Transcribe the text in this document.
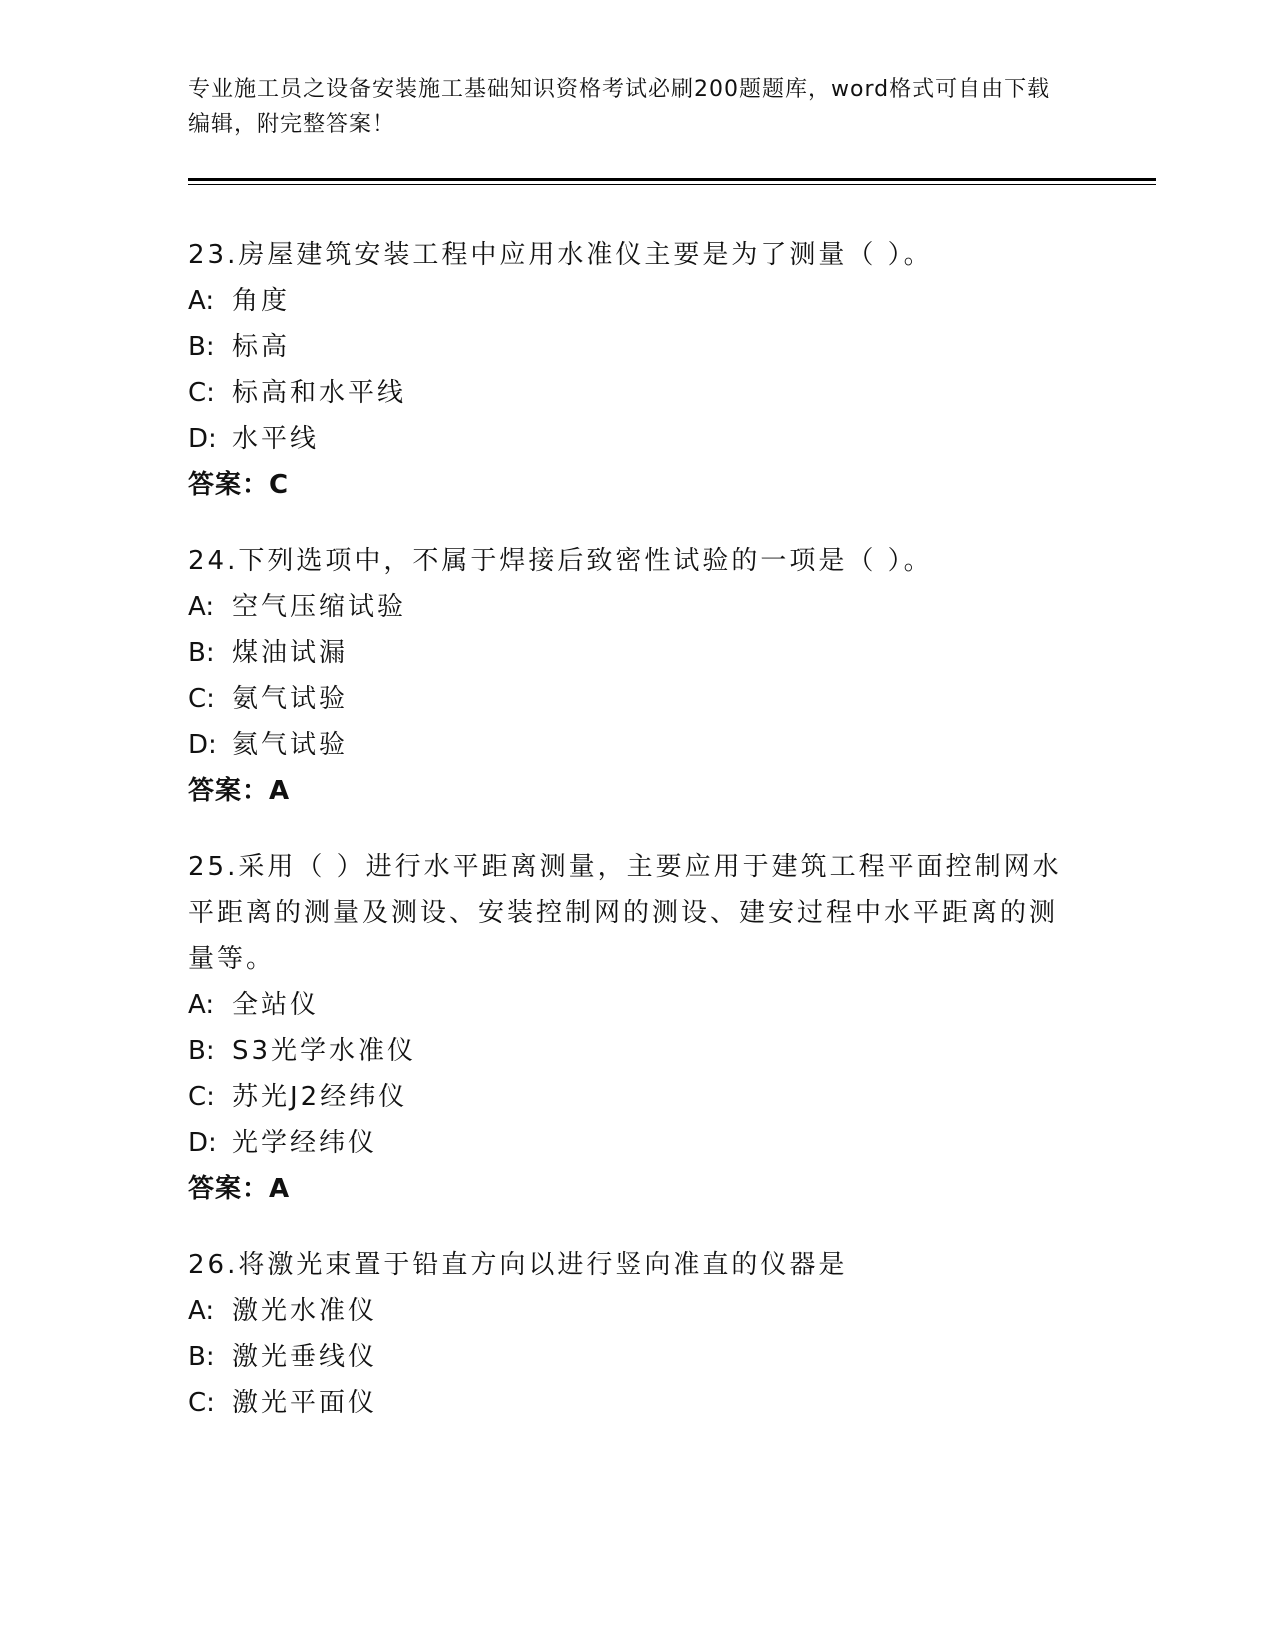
专业施工员之设备安装施工基础知识资格考试必刷200题题库，word格式可自由下载编辑，附完整答案！
23.房屋建筑安装工程中应用水准仪主要是为了测量（ ）。
A: 角度
B: 标高
C: 标高和水平线
D: 水平线
答案：C
24.下列选项中，不属于焊接后致密性试验的一项是（ ）。
A: 空气压缩试验
B: 煤油试漏
C: 氨气试验
D: 氦气试验
答案：A
25.采用（ ）进行水平距离测量，主要应用于建筑工程平面控制网水平距离的测量及测设、安装控制网的测设、建安过程中水平距离的测量等。
A: 全站仪
B: S3光学水准仪
C: 苏光J2经纬仪
D: 光学经纬仪
答案：A
26.将激光束置于铅直方向以进行竖向准直的仪器是
A: 激光水准仪
B: 激光垂线仪
C: 激光平面仪
